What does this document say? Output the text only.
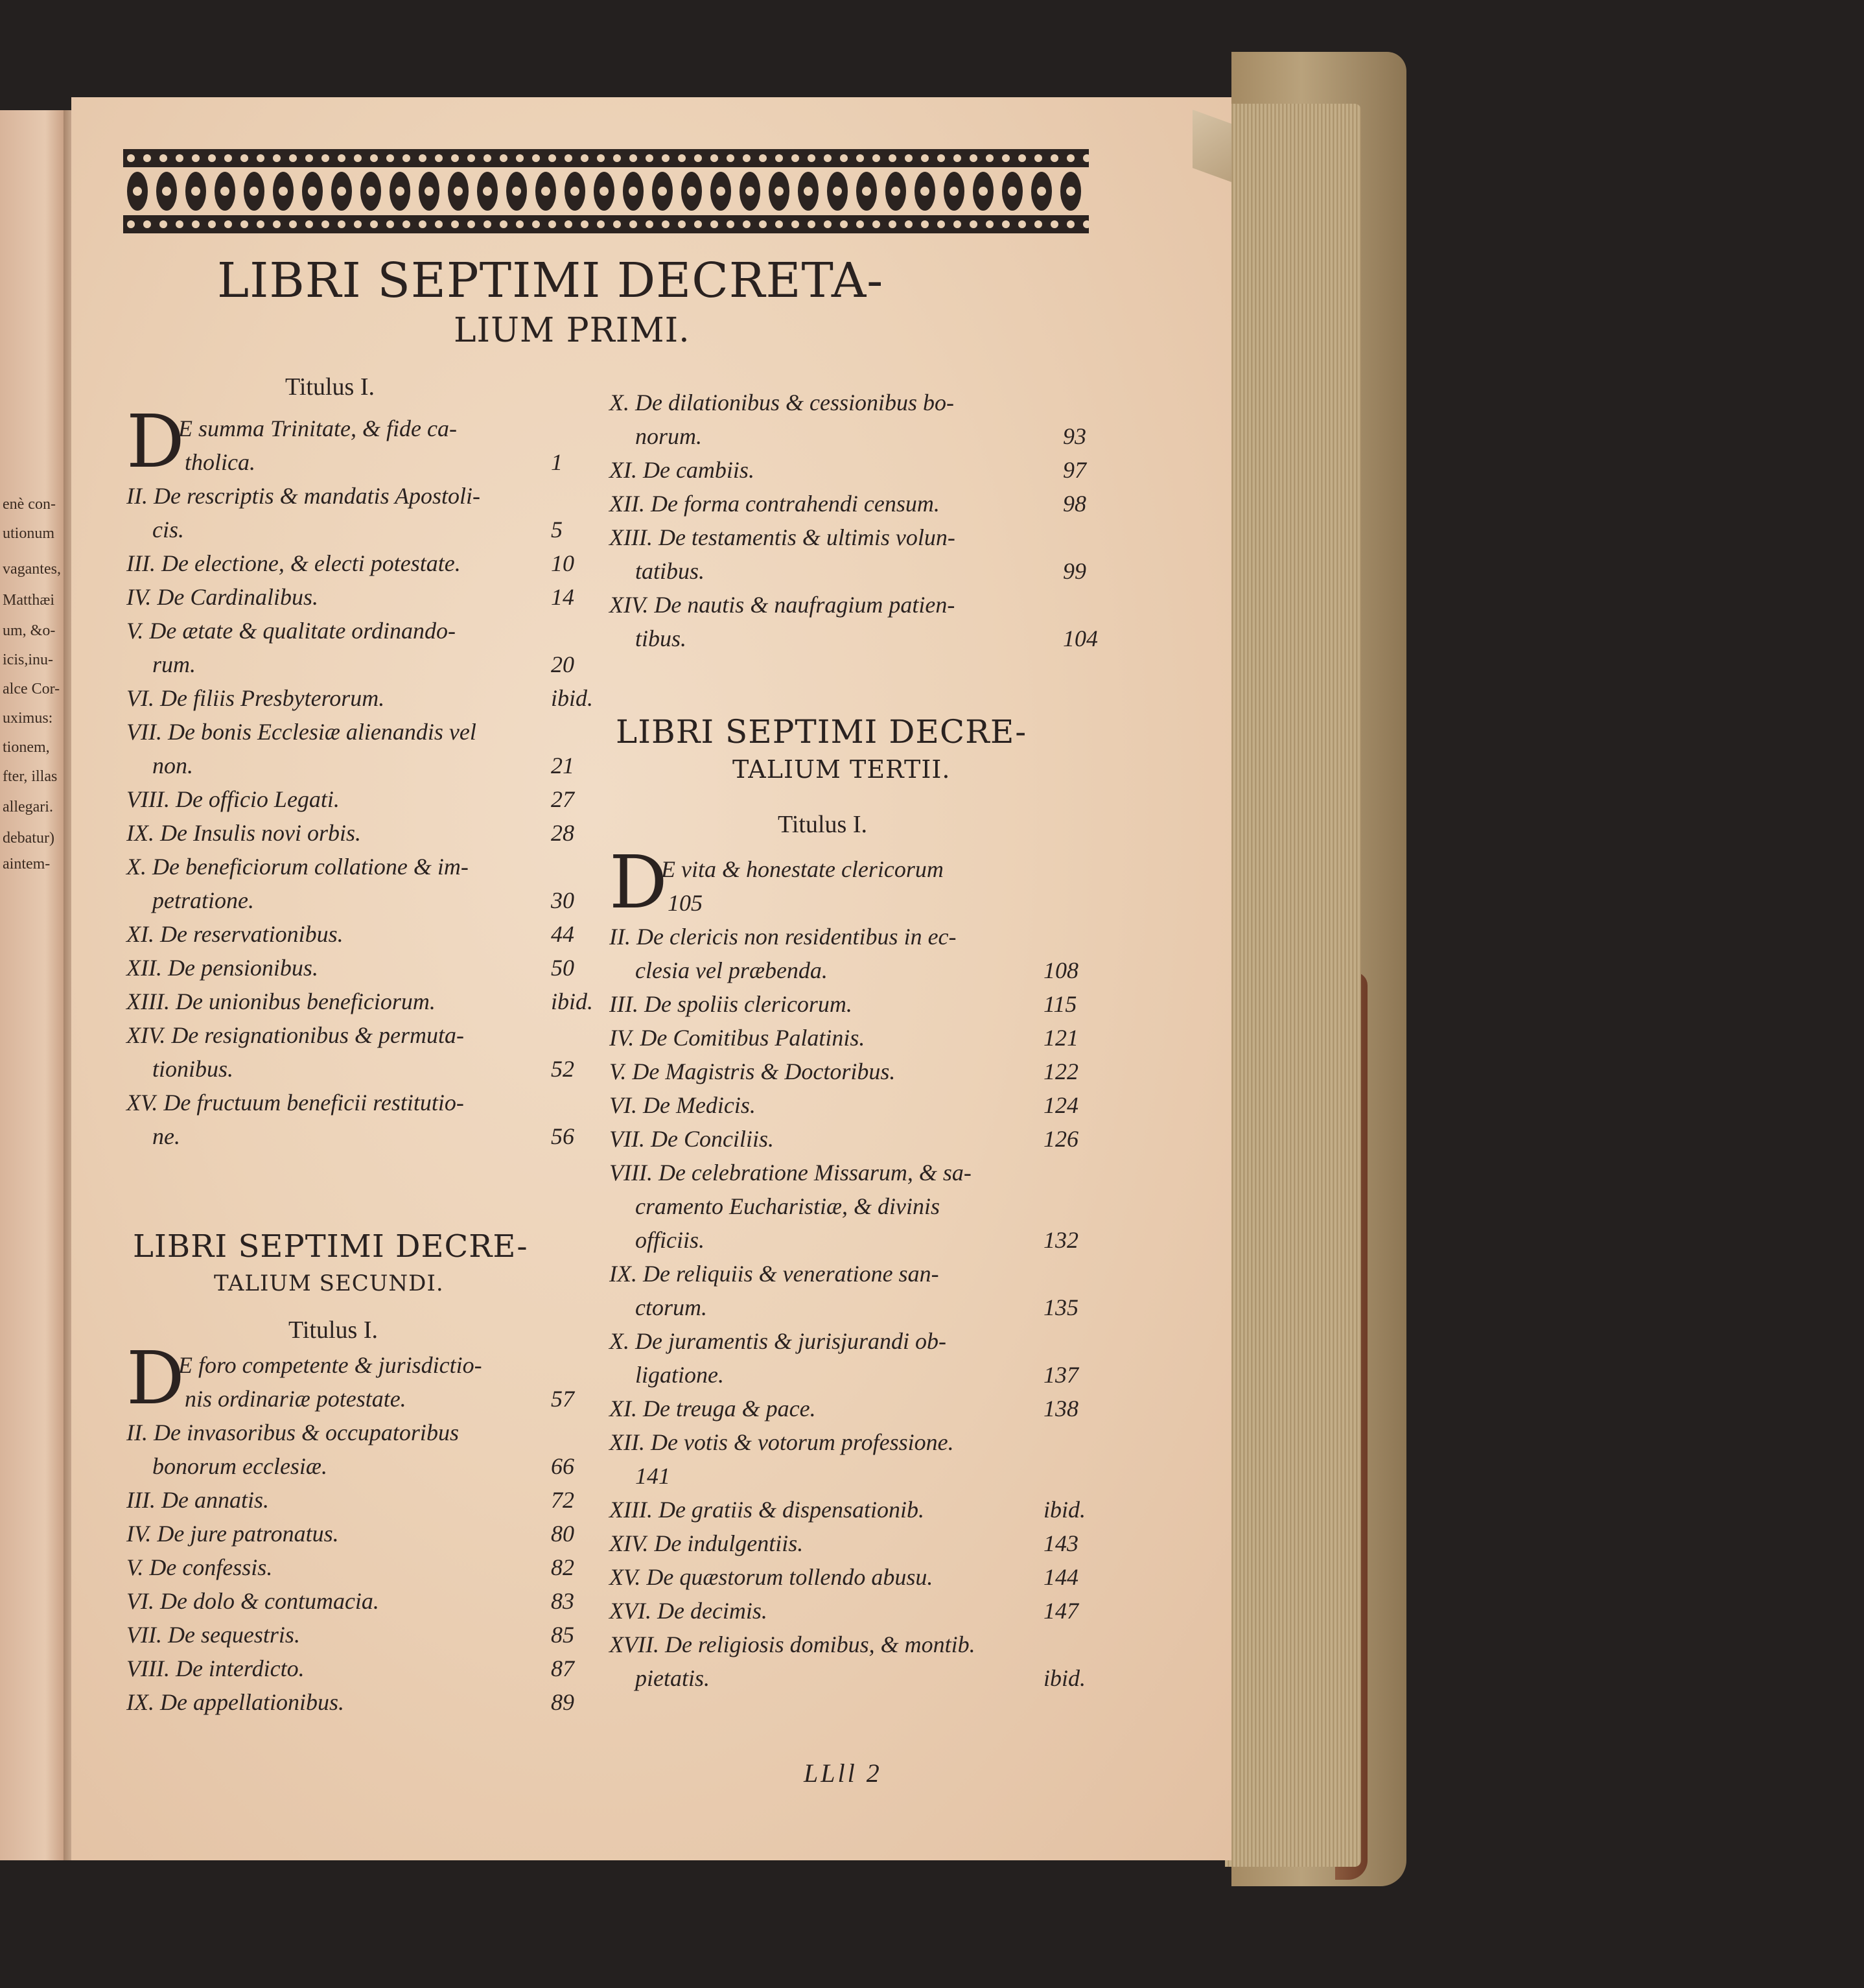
enè con-
utionum
vagantes,
Matthæi
um, &o-
icis,inu-
alce Cor-
uximus:
tionem,
fter, illas
allegari.
debatur)
aintem-
LIBRI SEPTIMI DECRETA-
LIUM PRIMI.
Titulus I.
D
E summa Trinitate, & fide ca-
tholica.	1
II. De rescriptis & mandatis Apostoli-
cis.	5
III. De electione, & electi potestate.	10
IV. De Cardinalibus.	14
V. De ætate & qualitate ordinando-
rum.	20
VI. De filiis Presbyterorum.	ibid.
VII. De bonis Ecclesiæ alienandis vel
non.	21
VIII. De officio Legati.	27
IX. De Insulis novi orbis.	28
X. De beneficiorum collatione & im-
petratione.	30
XI. De reservationibus.	44
XII. De pensionibus.	50
XIII. De unionibus beneficiorum.	ibid.
XIV. De resignationibus & permuta-
tionibus.	52
XV. De fructuum beneficii restitutio-
ne.	56
LIBRI SEPTIMI DECRE-
TALIUM SECUNDI.
Titulus I.
D
E foro competente & jurisdictio-
nis ordinariæ potestate.	57
II. De invasoribus & occupatoribus
bonorum ecclesiæ.	66
III. De annatis.	72
IV. De jure patronatus.	80
V. De confessis.	82
VI. De dolo & contumacia.	83
VII. De sequestris.	85
VIII. De interdicto.	87
IX. De appellationibus.	89
X. De dilationibus & cessionibus bo-
norum.	93
XI. De cambiis.	97
XII. De forma contrahendi censum.	98
XIII. De testamentis & ultimis volun-
tatibus.	99
XIV. De nautis & naufragium patien-
tibus.	104
LIBRI SEPTIMI DECRE-
TALIUM TERTII.
Titulus I.
D
E vita & honestate clericorum
105
II. De clericis non residentibus in ec-
clesia vel præbenda.	108
III. De spoliis clericorum.	115
IV. De Comitibus Palatinis.	121
V. De Magistris & Doctoribus.	122
VI. De Medicis.	124
VII. De Conciliis.	126
VIII. De celebratione Missarum, & sa-
cramento Eucharistiæ, & divinis
officiis.	132
IX. De reliquiis & veneratione san-
ctorum.	135
X. De juramentis & jurisjurandi ob-
ligatione.	137
XI. De treuga & pace.	138
XII. De votis & votorum professione.
141
XIII. De gratiis & dispensationib.	ibid.
XIV. De indulgentiis.	143
XV. De quæstorum tollendo abusu.	144
XVI. De decimis.	147
XVII. De religiosis domibus, & montib.
pietatis.	ibid.
LLll 2
